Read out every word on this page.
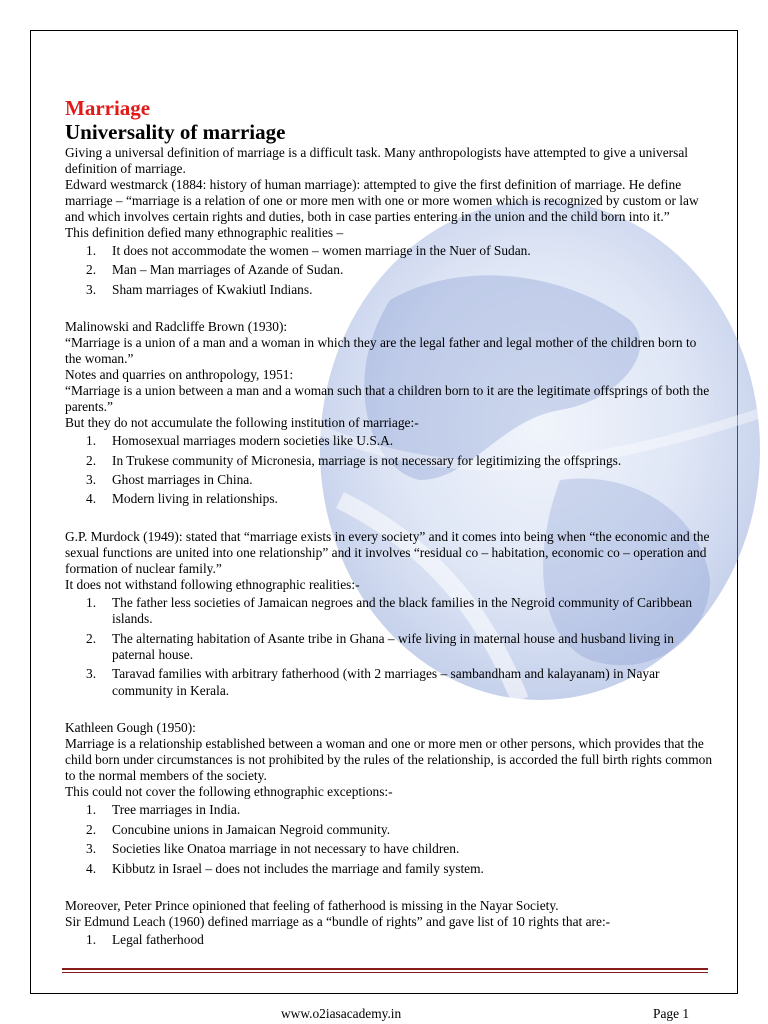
Marriage

Universality of marriage

Giving a universal definition of marriage is a difficult task. Many anthropologists have attempted to give a universal definition of marriage.

Edward westmarck (1884: history of human marriage): attempted to give the first definition of marriage. He define marriage – “marriage is a relation of one or more men with one or more women which is recognized by custom or law and which involves certain rights and duties, both in case parties entering in the union and the child born into it.”

This definition defied many ethnographic realities –

1. It does not accommodate the women – women marriage in the Nuer of Sudan.
2. Man – Man marriages of Azande of Sudan.
3. Sham marriages of Kwakiutl Indians.

Malinowski and Radcliffe Brown (1930):

“Marriage is a union of a man and a woman in which they are the legal father and legal mother of the children born to the woman.”

Notes and quarries on anthropology, 1951:

“Marriage is a union between a man and a woman such that a children born to it are the legitimate offsprings of both the parents.”

But they do not accumulate the following institution of marriage:-

1. Homosexual marriages modern societies like U.S.A.
2. In Trukese community of Micronesia, marriage is not necessary for legitimizing the offsprings.
3. Ghost marriages in China.
4. Modern living in relationships.

G.P. Murdock (1949): stated that “marriage exists in every society” and it comes into being when “the economic and the sexual functions are united into one relationship” and it involves “residual co – habitation, economic co – operation and formation of nuclear family.”

It does not withstand following ethnographic realities:-

1. The father less societies of Jamaican negroes and the black families in the Negroid community of Caribbean islands.
2. The alternating habitation of Asante tribe in Ghana – wife living in maternal house and husband living in paternal house.
3. Taravad families with arbitrary fatherhood (with 2 marriages – sambandham and kalayanam) in Nayar community in Kerala.

Kathleen Gough (1950):

Marriage is a relationship established between a woman and one or more men or other persons, which provides that the child born under circumstances is not prohibited by the rules of the relationship, is accorded the full birth rights common to the normal members of the society.

This could not cover the following ethnographic exceptions:-

1. Tree marriages in India.
2. Concubine unions in Jamaican Negroid community.
3. Societies like Onatoa marriage in not necessary to have children.
4. Kibbutz in Israel – does not includes the marriage and family system.

Moreover, Peter Prince opinioned that feeling of fatherhood is missing in the Nayar Society.

Sir Edmund Leach (1960) defined marriage as a “bundle of rights” and gave list of 10 rights that are:-

1. Legal fatherhood
www.o2iasacademy.in	Page 1
